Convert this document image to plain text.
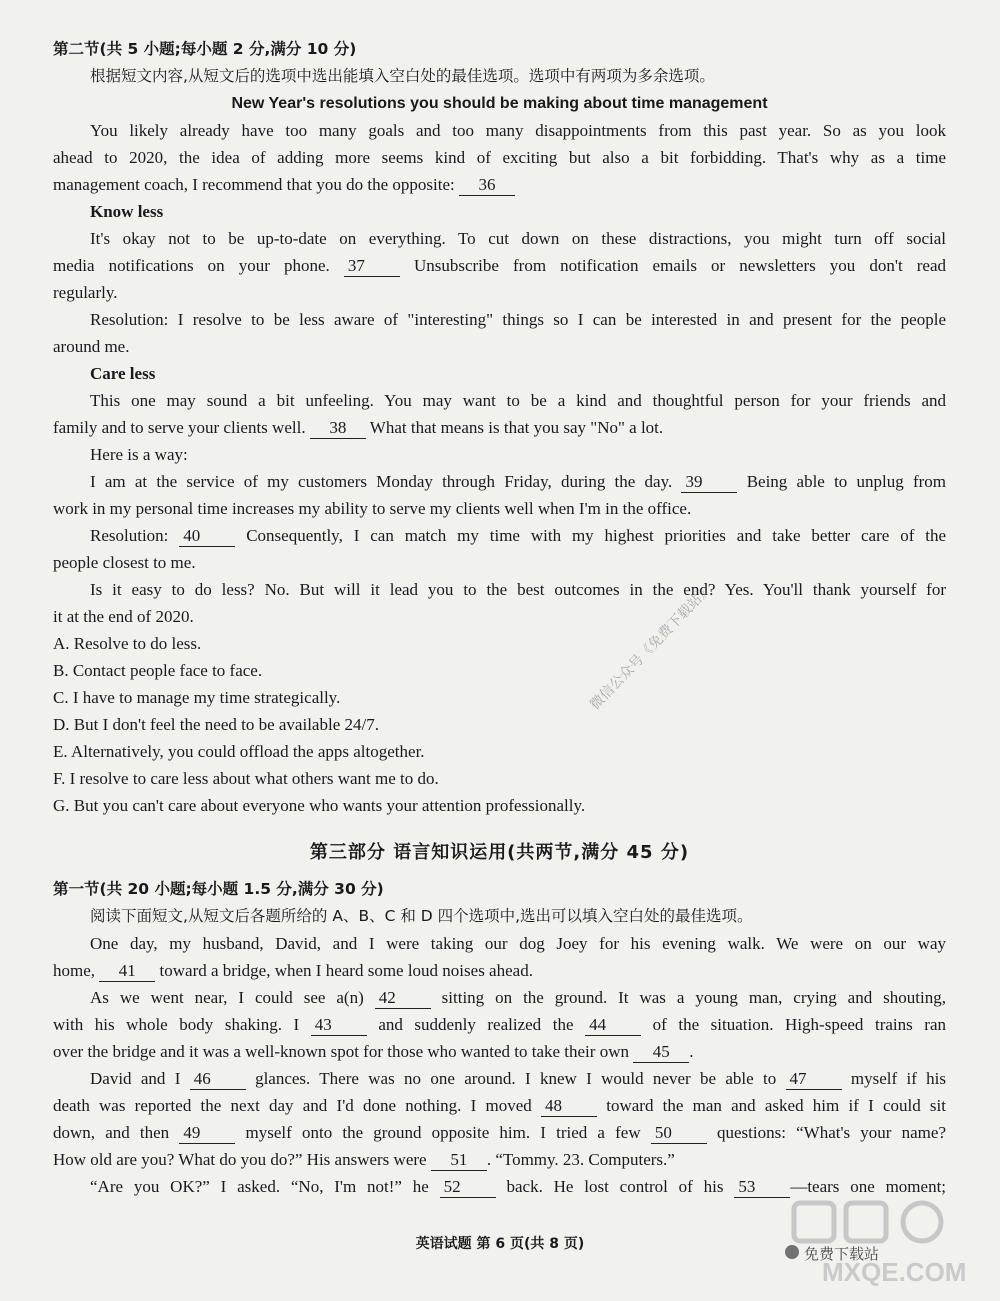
第二节(共 5 小题;每小题 2 分,满分 10 分)
根据短文内容,从短文后的选项中选出能填入空白处的最佳选项。选项中有两项为多余选项。
New Year's resolutions you should be making about time management
You likely already have too many goals and too many disappointments from this past year. So as you look
ahead to 2020, the idea of adding more seems kind of exciting but also a bit forbidding. That's why as a time
management coach, I recommend that you do the opposite: 36
Know less
It's okay not to be up-to-date on everything. To cut down on these distractions, you might turn off social
media notifications on your phone. 37	Unsubscribe from notification emails or newsletters you don't read
regularly.
Resolution: I resolve to be less aware of "interesting" things so I can be interested in and present for the people
around me.
Care less
This one may sound a bit unfeeling. You may want to be a kind and thoughtful person for your friends and
family and to serve your clients well. 38 What that means is that you say "No" a lot.
Here is a way:
I am at the service of my customers Monday through Friday, during the day. 39	Being able to unplug from
work in my personal time increases my ability to serve my clients well when I'm in the office.
Resolution: 40	Consequently, I can match my time with my highest priorities and take better care of the
people closest to me.
Is it easy to do less? No. But will it lead you to the best outcomes in the end? Yes. You'll thank yourself for
it at the end of 2020.
A. Resolve to do less.
B. Contact people face to face.
C. I have to manage my time strategically.
D. But I don't feel the need to be available 24/7.
E. Alternatively, you could offload the apps altogether.
F. I resolve to care less about what others want me to do.
G. But you can't care about everyone who wants your attention professionally.
第三部分 语言知识运用(共两节,满分 45 分)
第一节(共 20 小题;每小题 1.5 分,满分 30 分)
阅读下面短文,从短文后各题所给的 A、B、C 和 D 四个选项中,选出可以填入空白处的最佳选项。
One day, my husband, David, and I were taking our dog Joey for his evening walk. We were on our way
home, 41 toward a bridge, when I heard some loud noises ahead.
As we went near, I could see a(n) 42	sitting on the ground. It was a young man, crying and shouting,
with his whole body shaking. I 43	and suddenly realized the 44	of the situation. High-speed trains ran
over the bridge and it was a well-known spot for those who wanted to take their own 45 .
David and I 46	glances. There was no one around. I knew I would never be able to 47	myself if his
death was reported the next day and I'd done nothing. I moved 48	toward the man and asked him if I could sit
down, and then 49	myself onto the ground opposite him. I tried a few 50	questions: “What's your name?
How old are you? What do you do?” His answers were 51 . “Tommy. 23. Computers.”
“Are you OK?” I asked. “No, I'm not!” he 52	back. He lost control of his 53 —tears one moment;
英语试题 第 6 页(共 8 页)
微信公众号《免费下载站》
MXQE.COM
免费下载站
